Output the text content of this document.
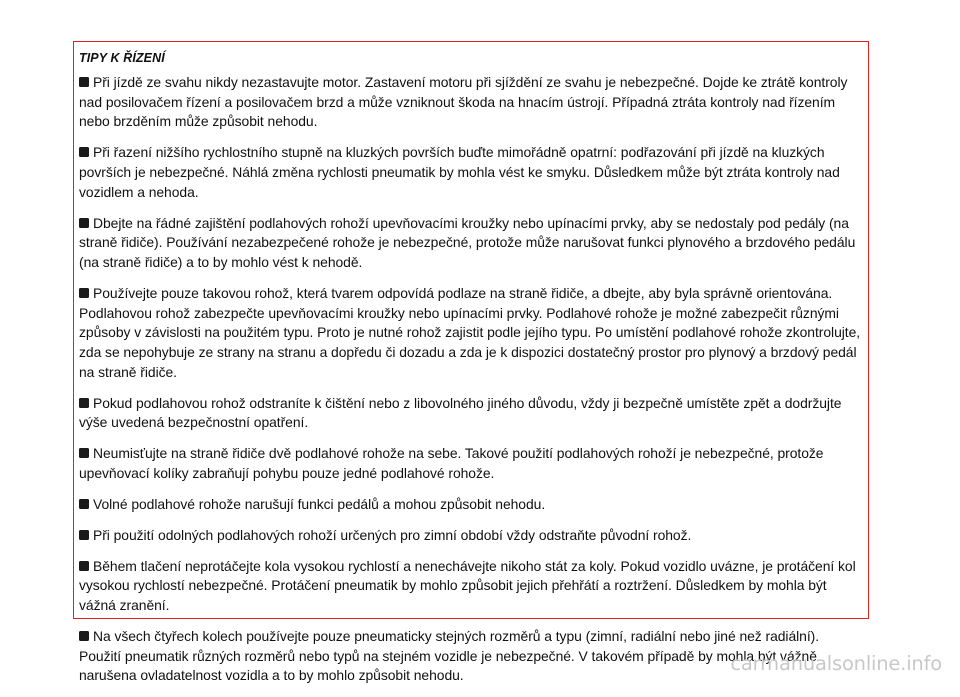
TIPY K ŘÍZENÍ

Při jízdě ze svahu nikdy nezastavujte motor. Zastavení motoru při sjíždění ze svahu je nebezpečné. Dojde ke ztrátě kontroly nad posilovačem řízení a posilovačem brzd a může vzniknout škoda na hnacím ústrojí. Případná ztráta kontroly nad řízením nebo brzděním může způsobit nehodu.

Při řazení nižšího rychlostního stupně na kluzkých površích buďte mimořádně opatrní: podřazování při jízdě na kluzkých površích je nebezpečné. Náhlá změna rychlosti pneumatik by mohla vést ke smyku. Důsledkem může být ztráta kontroly nad vozidlem a nehoda.

Dbejte na řádné zajištění podlahových rohoží upevňovacími kroužky nebo upínacími prvky, aby se nedostaly pod pedály (na straně řidiče). Používání nezabezpečené rohože je nebezpečné, protože může narušovat funkci plynového a brzdového pedálu (na straně řidiče) a to by mohlo vést k nehodě.

Používejte pouze takovou rohož, která tvarem odpovídá podlaze na straně řidiče, a dbejte, aby byla správně orientována. Podlahovou rohož zabezpečte upevňovacími kroužky nebo upínacími prvky. Podlahové rohože je možné zabezpečit různými způsoby v závislosti na použitém typu. Proto je nutné rohož zajistit podle jejího typu. Po umístění podlahové rohože zkontrolujte, zda se nepohybuje ze strany na stranu a dopředu či dozadu a zda je k dispozici dostatečný prostor pro plynový a brzdový pedál na straně řidiče.

Pokud podlahovou rohož odstraníte k čištění nebo z libovolného jiného důvodu, vždy ji bezpečně umístěte zpět a dodržujte výše uvedená bezpečnostní opatření.

Neumisťujte na straně řidiče dvě podlahové rohože na sebe. Takové použití podlahových rohoží je nebezpečné, protože upevňovací kolíky zabraňují pohybu pouze jedné podlahové rohože.

Volné podlahové rohože narušují funkci pedálů a mohou způsobit nehodu.

Při použití odolných podlahových rohoží určených pro zimní období vždy odstraňte původní rohož.

Během tlačení neprotáčejte kola vysokou rychlostí a nenechávejte nikoho stát za koly. Pokud vozidlo uvázne, je protáčení kol vysokou rychlostí nebezpečné. Protáčení pneumatik by mohlo způsobit jejich přehřátí a roztržení. Důsledkem by mohla být vážná zranění.

Na všech čtyřech kolech používejte pouze pneumaticky stejných rozměrů a typu (zimní, radiální nebo jiné než radiální). Použití pneumatik různých rozměrů nebo typů na stejném vozidle je nebezpečné. V takovém případě by mohla být vážně narušena ovladatelnost vozidla a to by mohlo způsobit nehodu.

carmanualsonline.info
